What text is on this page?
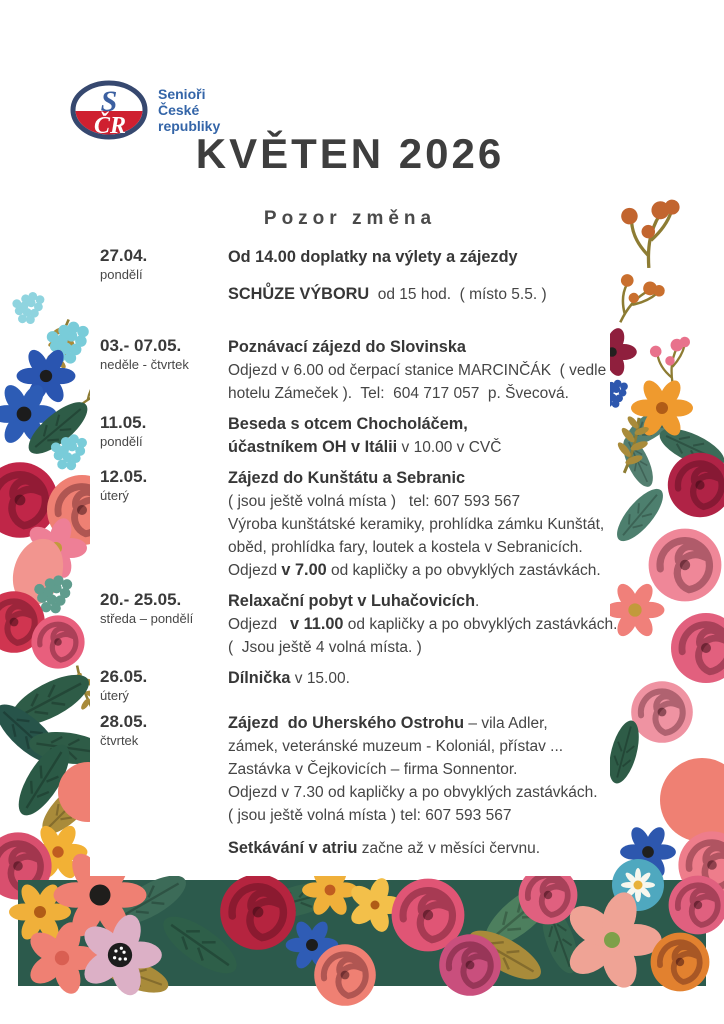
S
ČR
Senioři
České
republiky
KVĚTEN 2026
Pozor změna
27.04.
pondělí
Od 14.00 doplatky na výlety a zájezdy
SCHŮZE VÝBORU  od 15 hod.  ( místo 5.5. )
03.- 07.05.
neděle - čtvrtek
Poznávací zájezd do Slovinska
Odjezd v 6.00 od čerpací stanice MARCINČÁK  ( vedle
hotelu Zámeček ).  Tel:  604 717 057  p. Švecová.
11.05.
pondělí
Beseda s otcem Chocholáčem,
účastníkem OH v Itálii v 10.00 v CVČ
12.05.
úterý
Zájezd do Kunštátu a Sebranic
( jsou ještě volná místa )   tel: 607 593 567
Výroba kunštátské keramiky, prohlídka zámku Kunštát,
oběd, prohlídka fary, loutek a kostela v Sebranicích.
Odjezd v 7.00 od kapličky a po obvyklých zastávkách.
20.- 25.05.
středa – pondělí
Relaxační pobyt v Luhačovicích.
Odjezd   v 11.00 od kapličky a po obvyklých zastávkách.
(  Jsou ještě 4 volná místa. )
26.05.
úterý
Dílnička v 15.00.
28.05.
čtvrtek
Zájezd  do Uherského Ostrohu – vila Adler,
zámek, veteránské muzeum - Koloniál, přístav ...
Zastávka v Čejkovicích – firma Sonnentor.
Odjezd v 7.30 od kapličky a po obvyklých zastávkách.
( jsou ještě volná místa ) tel: 607 593 567
Setkávání v atriu začne až v měsíci červnu.
